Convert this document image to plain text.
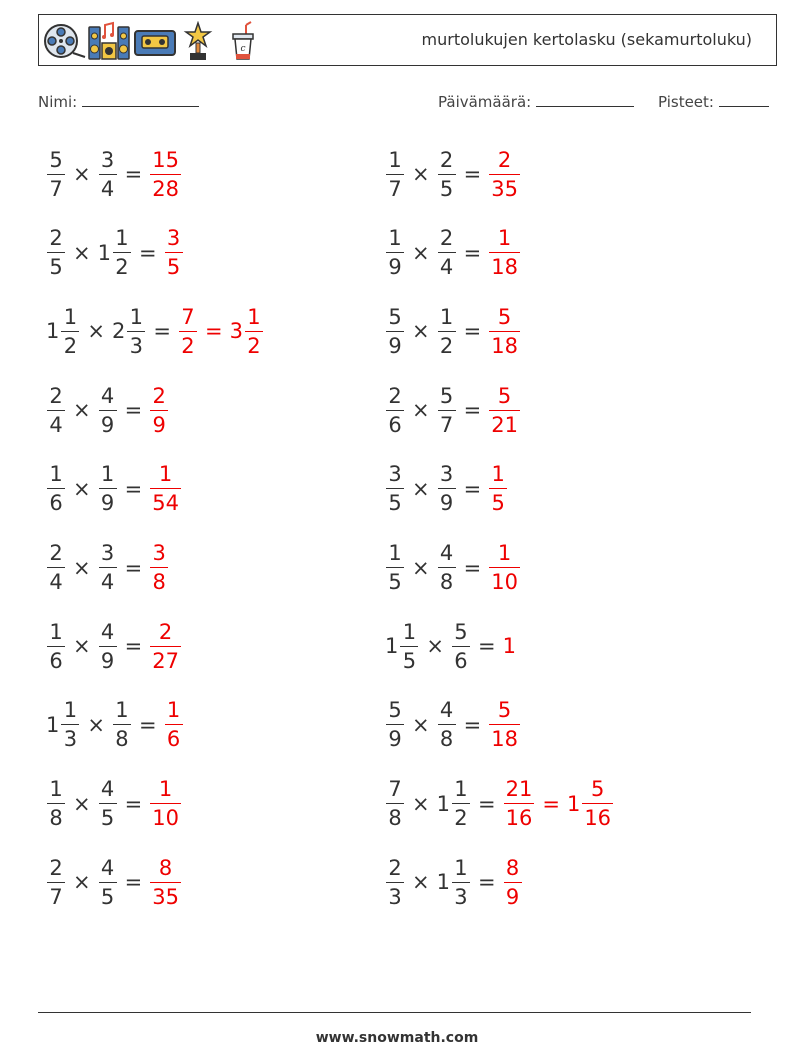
c	murtolukujen kertolasku (sekamurtoluku)
Nimi:	Päivämäärä:	Pisteet:
$\frac{5}{7} \times \frac{3}{4} = \frac{15}{28}$	$\frac{1}{7} \times \frac{2}{5} = \frac{2}{35}$
$\frac{2}{5} \times 1 \frac{1}{2} = \frac{3}{5}$	$\frac{1}{9} \times \frac{2}{4} = \frac{1}{18}$
$1 \frac{1}{2} \times 2 \frac{1}{3} = \frac{7}{2} = 3 \frac{1}{2}$	$\frac{5}{9} \times \frac{1}{2} = \frac{5}{18}$
$\frac{2}{4} \times \frac{4}{9} = \frac{2}{9}$	$\frac{2}{6} \times \frac{5}{7} = \frac{5}{21}$
$\frac{1}{6} \times \frac{1}{9} = \frac{1}{54}$	$\frac{3}{5} \times \frac{3}{9} = \frac{1}{5}$
$\frac{2}{4} \times \frac{3}{4} = \frac{3}{8}$	$\frac{1}{5} \times \frac{4}{8} = \frac{1}{10}$
$\frac{1}{6} \times \frac{4}{9} = \frac{2}{27}$	$1 \frac{1}{5} \times \frac{5}{6} = 1$
$1 \frac{1}{3} \times \frac{1}{8} = \frac{1}{6}$	$\frac{5}{9} \times \frac{4}{8} = \frac{5}{18}$
$\frac{1}{8} \times \frac{4}{5} = \frac{1}{10}$	$\frac{7}{8} \times 1 \frac{1}{2} = \frac{21}{16} = 1 \frac{5}{16}$
$\frac{2}{7} \times \frac{4}{5} = \frac{8}{35}$	$\frac{2}{3} \times 1 \frac{1}{3} = \frac{8}{9}$
www.snowmath.com
